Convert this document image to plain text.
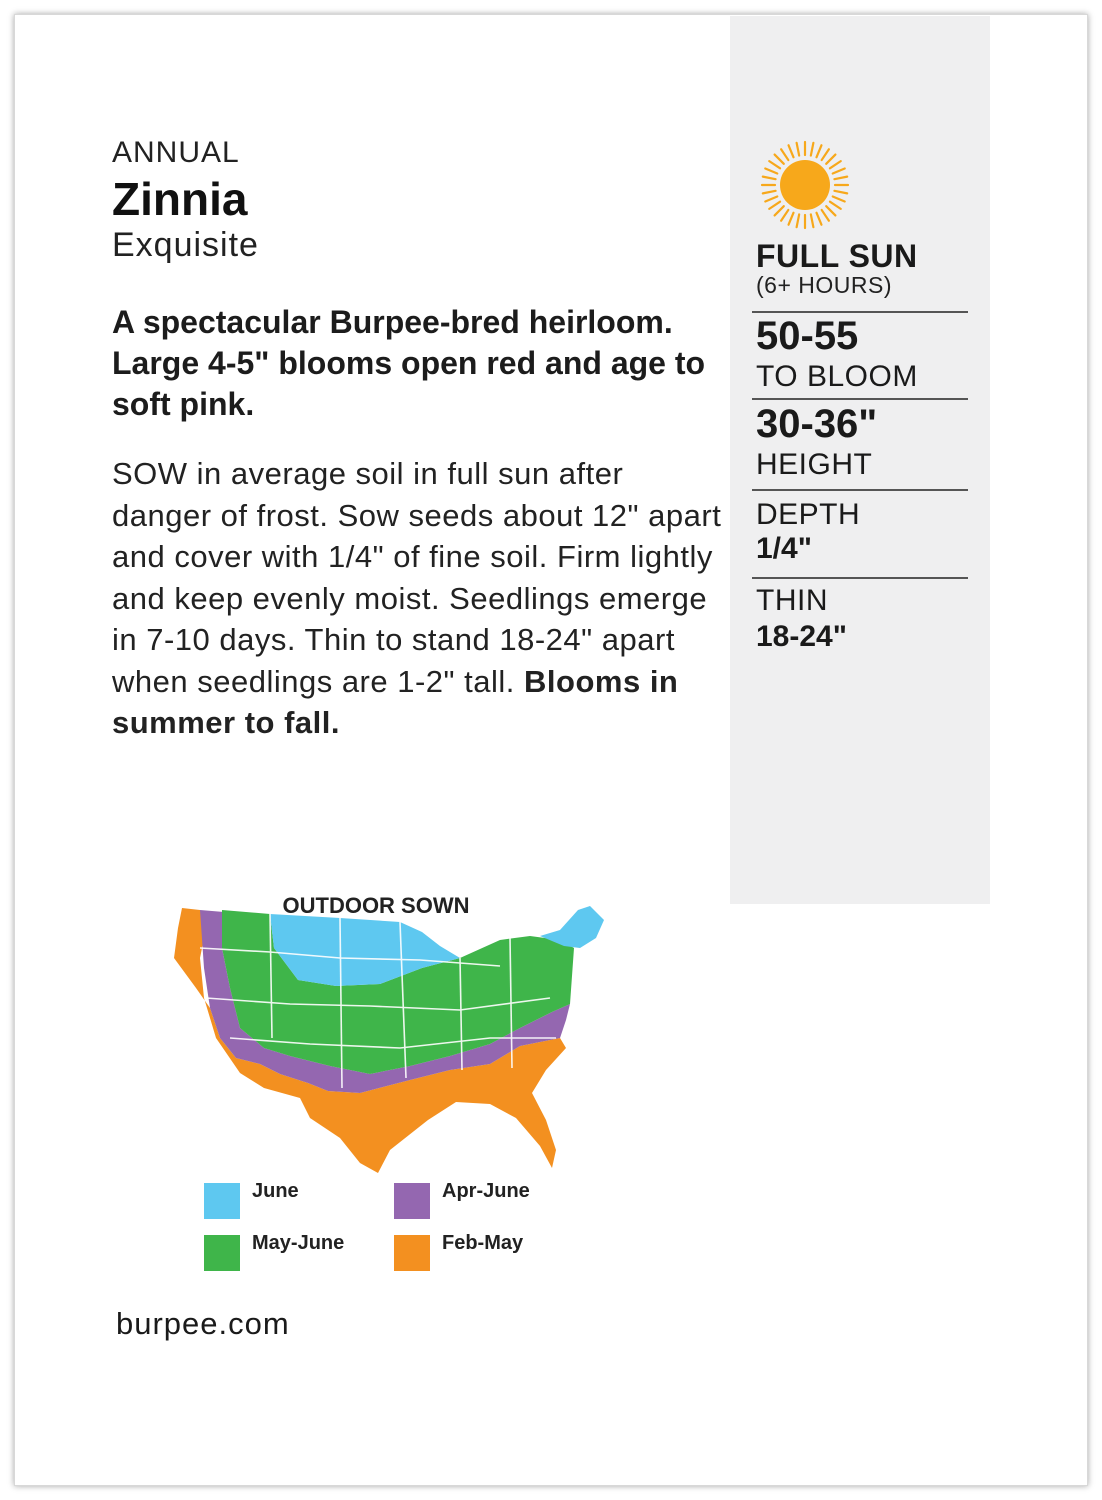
ANNUAL
Zinnia
Exquisite

A spectacular Burpee-bred heirloom. Large 4-5" blooms open red and age to soft pink.

SOW in average soil in full sun after danger of frost. Sow seeds about 12" apart and cover with 1/4" of fine soil. Firm lightly and keep evenly moist. Seedlings emerge in 7-10 days. Thin to stand 18-24" apart when seedlings are 1-2" tall. Blooms in summer to fall.

FULL SUN
(6+ HOURS)
50-55
TO BLOOM
30-36"
HEIGHT
DEPTH
1/4"
THIN
18-24"
OUTDOOR SOWN
June	Apr-June
May-June	Feb-May
burpee.com
